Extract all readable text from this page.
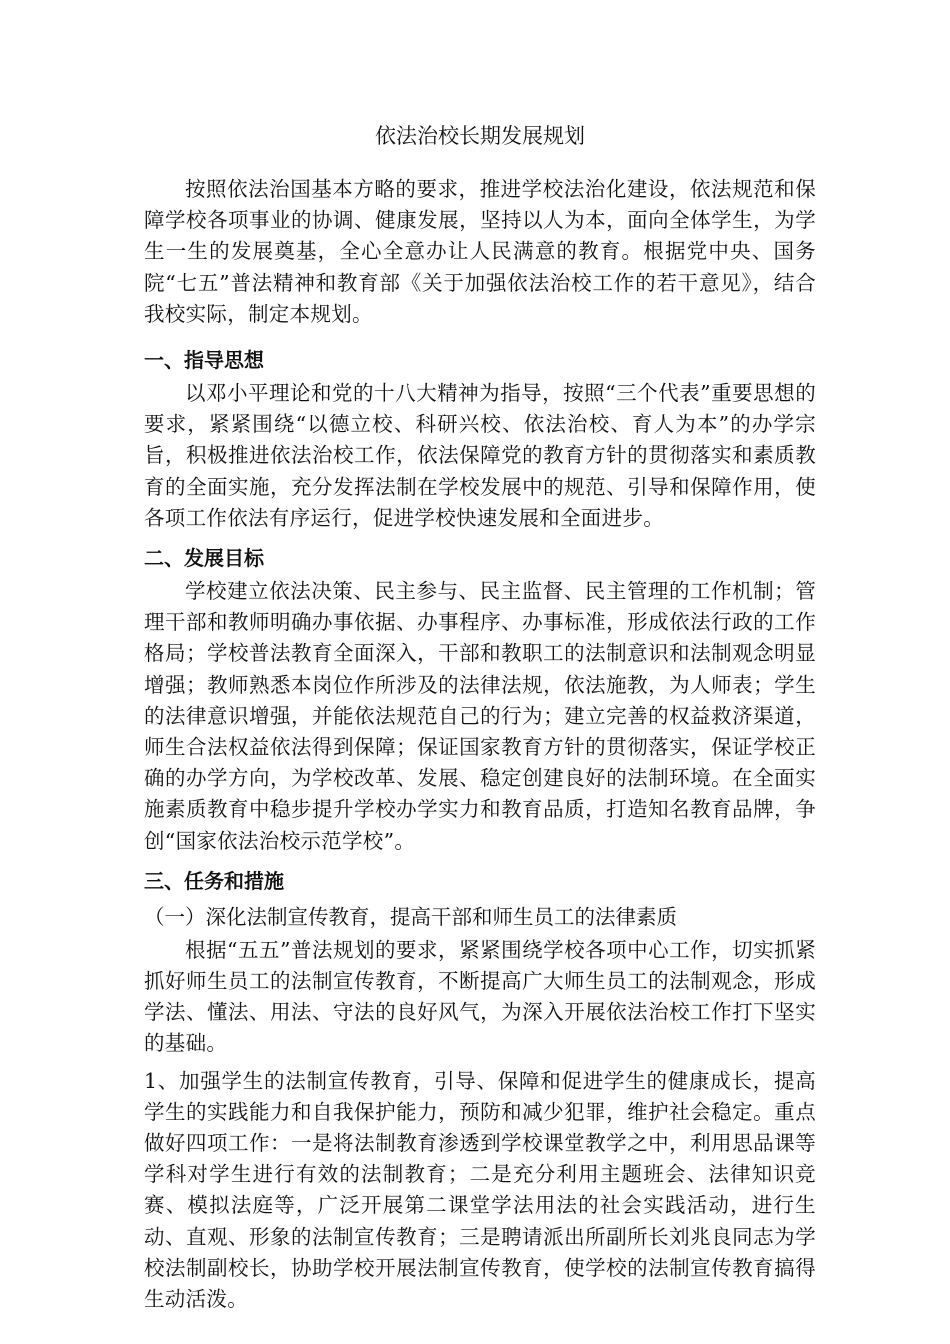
依法治校长期发展规划

按照依法治国基本方略的要求，推进学校法治化建设，依法规范和保障学校各项事业的协调、健康发展，坚持以人为本，面向全体学生，为学生一生的发展奠基，全心全意办让人民满意的教育。根据党中央、国务院“七五”普法精神和教育部《关于加强依法治校工作的若干意见》，结合我校实际，制定本规划。

一、指导思想

以邓小平理论和党的十八大精神为指导，按照“三个代表”重要思想的要求，紧紧围绕“以德立校、科研兴校、依法治校、育人为本”的办学宗旨，积极推进依法治校工作，依法保障党的教育方针的贯彻落实和素质教育的全面实施，充分发挥法制在学校发展中的规范、引导和保障作用，使各项工作依法有序运行，促进学校快速发展和全面进步。

二、发展目标

学校建立依法决策、民主参与、民主监督、民主管理的工作机制；管理干部和教师明确办事依据、办事程序、办事标准，形成依法行政的工作格局；学校普法教育全面深入，干部和教职工的法制意识和法制观念明显增强；教师熟悉本岗位作所涉及的法律法规，依法施教，为人师表；学生的法律意识增强，并能依法规范自己的行为；建立完善的权益救济渠道，师生合法权益依法得到保障；保证国家教育方针的贯彻落实，保证学校正确的办学方向，为学校改革、发展、稳定创建良好的法制环境。在全面实施素质教育中稳步提升学校办学实力和教育品质，打造知名教育品牌，争创“国家依法治校示范学校”。

三、任务和措施

（一）深化法制宣传教育，提高干部和师生员工的法律素质

根据“五五”普法规划的要求，紧紧围绕学校各项中心工作，切实抓紧抓好师生员工的法制宣传教育，不断提高广大师生员工的法制观念，形成学法、懂法、用法、守法的良好风气，为深入开展依法治校工作打下坚实的基础。

1、加强学生的法制宣传教育，引导、保障和促进学生的健康成长，提高学生的实践能力和自我保护能力，预防和减少犯罪，维护社会稳定。重点做好四项工作：一是将法制教育渗透到学校课堂教学之中，利用思品课等学科对学生进行有效的法制教育；二是充分利用主题班会、法律知识竞赛、模拟法庭等，广泛开展第二课堂学法用法的社会实践活动，进行生动、直观、形象的法制宣传教育；三是聘请派出所副所长刘兆良同志为学校法制副校长，协助学校开展法制宣传教育，使学校的法制宣传教育搞得生动活泼。
